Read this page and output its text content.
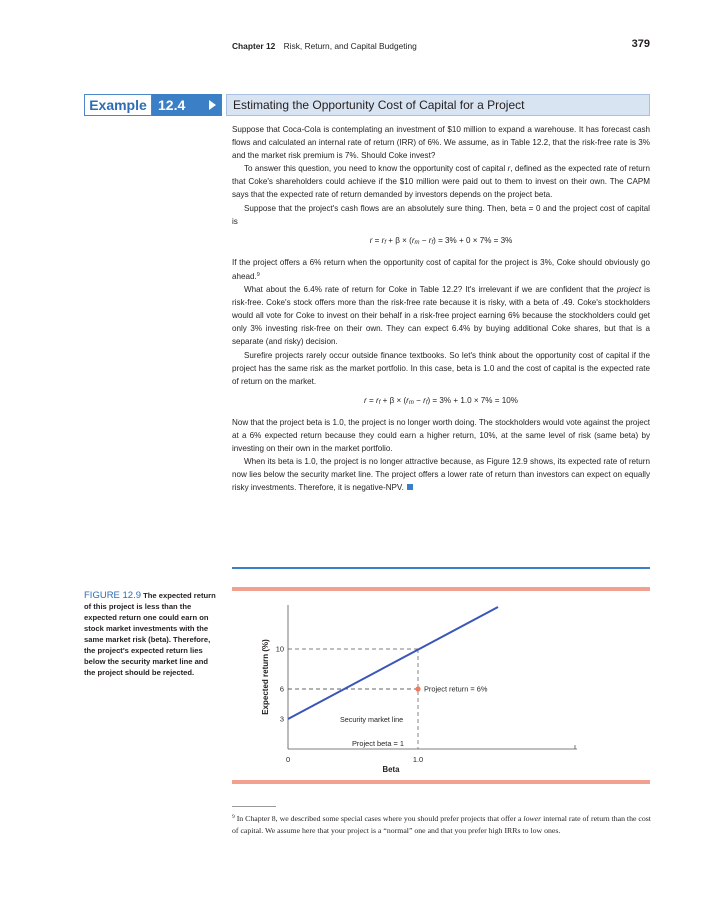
Chapter 12 Risk, Return, and Capital Budgeting	379
Example 12.4	Estimating the Opportunity Cost of Capital for a Project

Suppose that Coca-Cola is contemplating an investment of $10 million to expand a warehouse. It has forecast cash flows and calculated an internal rate of return (IRR) of 6%. We assume, as in Table 12.2, that the risk-free rate is 3% and the market risk premium is 7%. Should Coke invest?

To answer this question, you need to know the opportunity cost of capital r, defined as the expected rate of return that Coke's shareholders could achieve if the $10 million were paid out to them to invest on their own. The CAPM says that the expected rate of return demanded by investors depends on the project beta.

Suppose that the project's cash flows are an absolutely sure thing. Then, beta = 0 and the project cost of capital is

r = rf + β × (rm − rf) = 3% + 0 × 7% = 3%

If the project offers a 6% return when the opportunity cost of capital for the project is 3%, Coke should obviously go ahead.$^9$

What about the 6.4% rate of return for Coke in Table 12.2? It's irrelevant if we are confident that the project is risk-free. Coke's stock offers more than the risk-free rate because it is risky, with a beta of .49. Coke's stockholders would all vote for Coke to invest on their behalf in a risk-free project earning 6% because the stockholders could get only 3% investing risk-free on their own. They can expect 6.4% by buying additional Coke shares, but that is a separate (and risky) decision.

Surefire projects rarely occur outside finance textbooks. So let's think about the opportunity cost of capital if the project has the same risk as the market portfolio. In this case, beta is 1.0 and the cost of capital is the expected rate of return on the market.

r = rf + β × (rm − rf) = 3% + 1.0 × 7% = 10%

Now that the project beta is 1.0, the project is no longer worth doing. The stockholders would vote against the project at a 6% expected return because they could earn a higher return, 10%, at the same level of risk (same beta) by investing on their own in the market portfolio.

When its beta is 1.0, the project is no longer attractive because, as Figure 12.9 shows, its expected rate of return now lies below the security market line. The project offers a lower rate of return than investors can expect on equally risky investments. Therefore, it is negative-NPV.

FIGURE 12.9 The expected return of this project is less than the expected return one could earn on stock market investments with the same market risk (beta). Therefore, the project's expected return lies below the security market line and the project should be rejected.	Expected return (%)	Project return = 6%
Security market line
Project beta = 1
10
6
3
0	1.0
Beta
$^9$ In Chapter 8, we described some special cases where you should prefer projects that offer a lower internal rate of return than the cost of capital. We assume here that your project is a “normal” one and that you prefer high IRRs to low ones.
